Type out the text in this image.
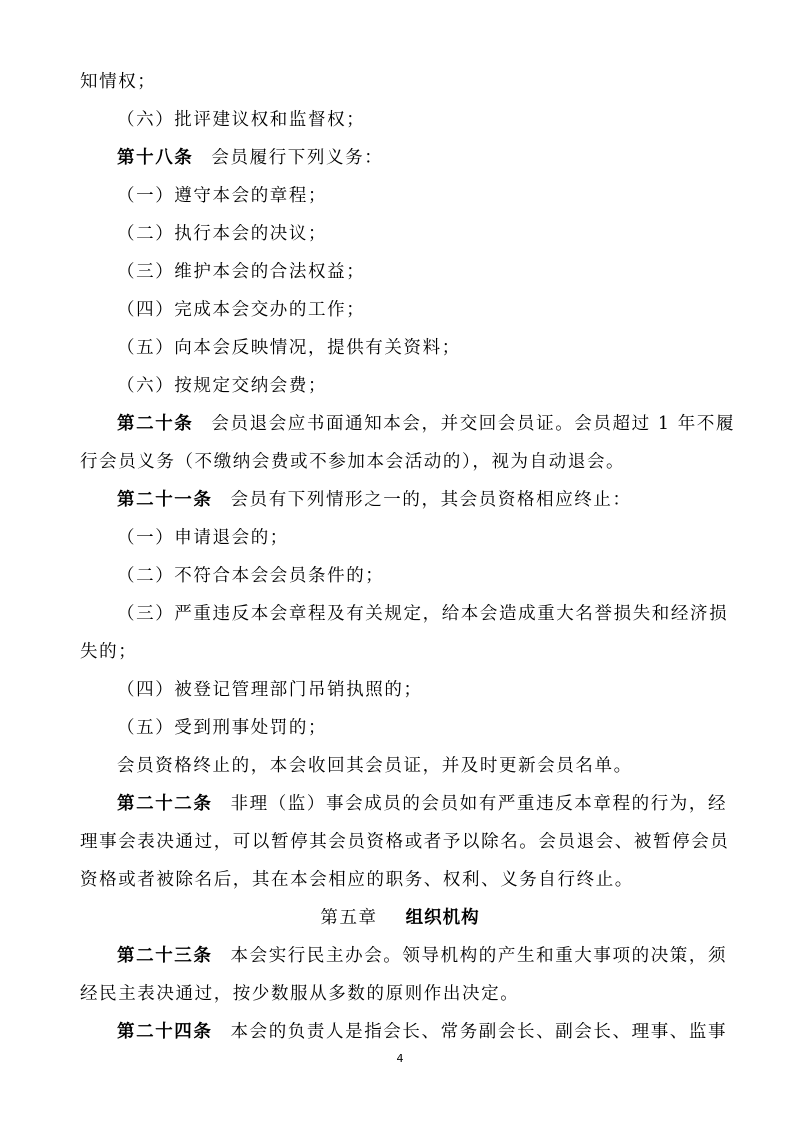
知情权；
（六）批评建议权和监督权；
第十八条 会员履行下列义务：
（一）遵守本会的章程；
（二）执行本会的决议；
（三）维护本会的合法权益；
（四）完成本会交办的工作；
（五）向本会反映情况，提供有关资料；
（六）按规定交纳会费；
第二十条 会员退会应书面通知本会，并交回会员证。会员超过 1 年不履
行会员义务（不缴纳会费或不参加本会活动的），视为自动退会。
第二十一条 会员有下列情形之一的，其会员资格相应终止：
（一）申请退会的；
（二）不符合本会会员条件的；
（三）严重违反本会章程及有关规定，给本会造成重大名誉损失和经济损
失的；
（四）被登记管理部门吊销执照的；
（五）受到刑事处罚的；
会员资格终止的，本会收回其会员证，并及时更新会员名单。
第二十二条 非理（监）事会成员的会员如有严重违反本章程的行为，经
理事会表决通过，可以暂停其会员资格或者予以除名。会员退会、被暂停会员
资格或者被除名后，其在本会相应的职务、权利、义务自行终止。
第五章 组织机构
第二十三条 本会实行民主办会。领导机构的产生和重大事项的决策，须
经民主表决通过，按少数服从多数的原则作出决定。
第二十四条 本会的负责人是指会长、常务副会长、副会长、理事、监事
4
